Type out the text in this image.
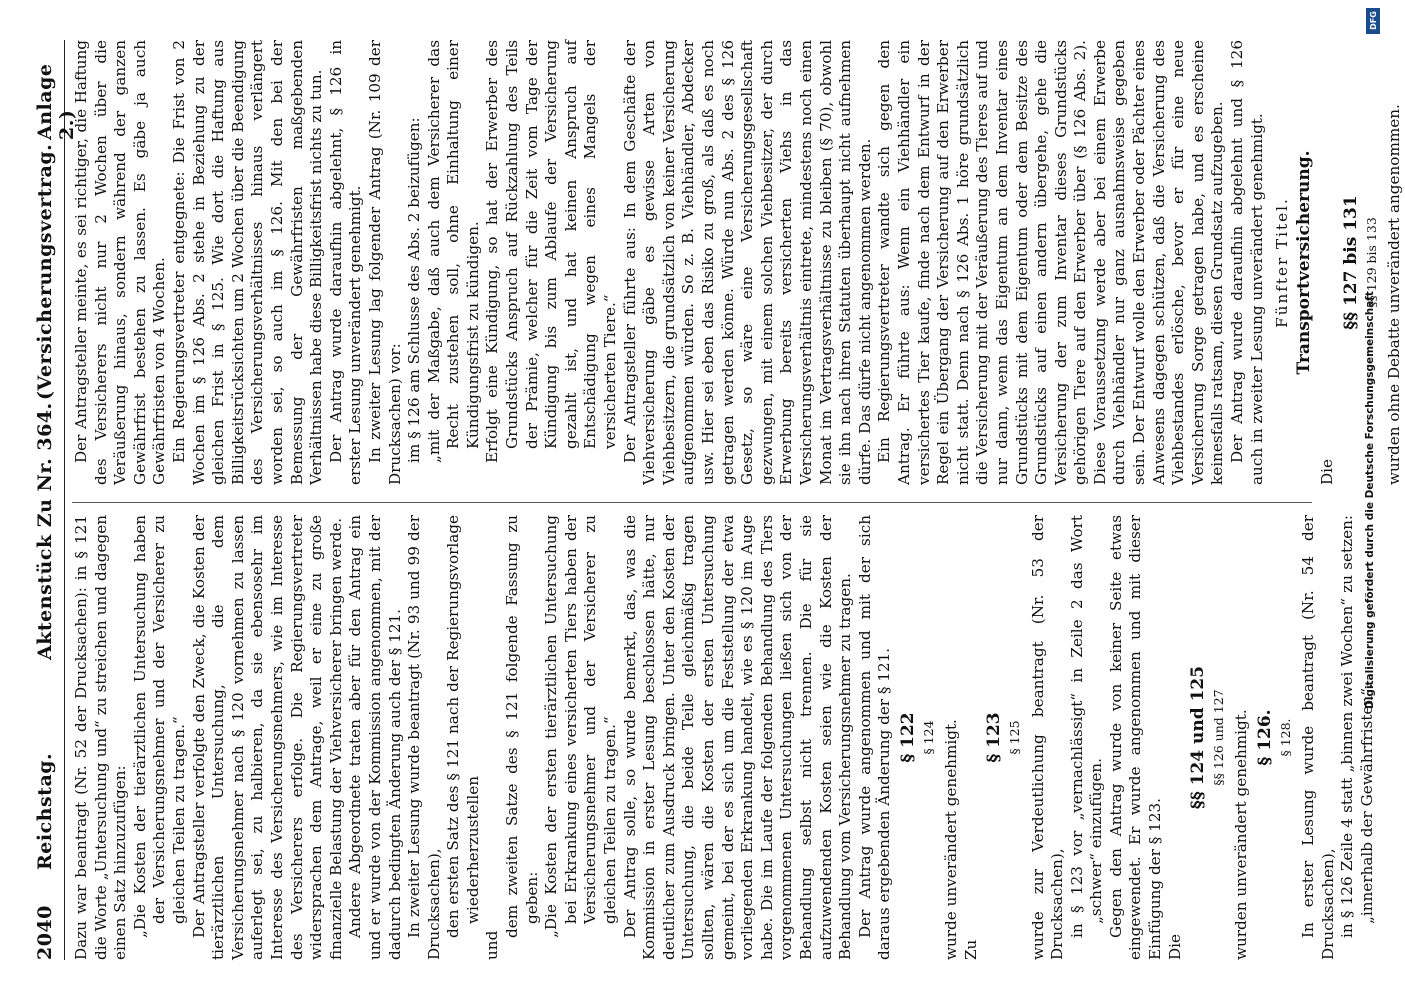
2040
Reichstag.
Aktenstück Zu Nr. 364.
(Versicherungsvertrag.
Anlage 2.)

Dazu war beantragt (Nr. 52 der Drucksachen): in § 121 die Worte „Untersuchung und“ zu streichen und dagegen einen Satz hinzuzufügen: „Die Kosten der tierärztlichen Untersuchung haben der Versicherungsnehmer und der Versicherer zu gleichen Teilen zu tragen.“ Der Antragsteller verfolgte den Zweck, die Kosten der tierärztlichen Untersuchung, die dem Versicherungsnehmer nach § 120 vornehmen zu lassen auferlegt sei, zu halbieren, da sie ebensosehr im Interesse des Versicherungsnehmers, wie im Interesse des Versicherers erfolge. Die Regierungsvertreter widersprachen dem Antrage, weil er eine zu große finanzielle Belastung der Viehversicherer bringen werde. Andere Abgeordnete traten aber für den Antrag ein und er wurde von der Kommission angenommen, mit der dadurch bedingten Änderung auch der § 121. In zweiter Lesung wurde beantragt (Nr. 93 und 99 der Drucksachen), den ersten Satz des § 121 nach der Regierungsvorlage wiederherzustellen

und

dem zweiten Satze des § 121 folgende Fassung zu geben: „Die Kosten der ersten tierärztlichen Untersuchung bei Erkrankung eines versicherten Tiers haben der Versicherungsnehmer und der Versicherer zu gleichen Teilen zu tragen.“ Der Antrag solle, so wurde bemerkt, das, was die Kommission in erster Lesung beschlossen hätte, nur deutlicher zum Ausdruck bringen. Unter den Kosten der Untersuchung, die beide Teile gleichmäßig tragen sollten, wären die Kosten der ersten Untersuchung gemeint, bei der es sich um die Feststellung der etwa vorliegenden Erkrankung handelt, wie es § 120 im Auge habe. Die im Laufe der folgenden Behandlung des Tiers vorgenommenen Untersuchungen ließen sich von der Behandlung selbst nicht trennen. Die für sie aufzuwendenden Kosten seien wie die Kosten der Behandlung vom Versicherungsnehmer zu tragen. Der Antrag wurde angenommen und mit der sich daraus ergebenden Änderung der § 121. § 122 § 124 wurde unverändert genehmigt. Zu

§ 123 § 125 wurde zur Verdeutlichung beantragt (Nr. 53 der Drucksachen), in § 123 vor „vernachlässigt“ in Zeile 2 das Wort „schwer“ einzufügen. Gegen den Antrag wurde von keiner Seite etwas eingewendet. Er wurde angenommen und mit dieser Einfügung der § 123. Die

§§ 124 und 125 §§ 126 und 127 wurden unverändert genehmigt. § 126. § 128. In erster Lesung wurde beantragt (Nr. 54 der Drucksachen), in § 126 Zeile 4 statt „binnen zwei Wochen“ zu setzen: „innerhalb der Gewährfristen“.

Der Antragsteller meinte, es sei richtiger, die Haftung des Versicherers nicht nur 2 Wochen über die Veräußerung hinaus, sondern während der ganzen Gewährfrist bestehen zu lassen. Es gäbe ja auch Gewährfristen von 4 Wochen. Ein Regierungsvertreter entgegnete: Die Frist von 2 Wochen im § 126 Abs. 2 stehe in Beziehung zu der gleichen Frist in § 125. Wie dort die Haftung aus Billigkeitsrücksichten um 2 Wochen über die Beendigung des Versicherungsverhältnisses hinaus verlängert worden sei, so auch im § 126. Mit den bei der Bemessung der Gewährfristen maßgebenden Verhältnissen habe diese Billigkeitsfrist nichts zu tun. Der Antrag wurde daraufhin abgelehnt, § 126 in erster Lesung unverändert genehmigt. In zweiter Lesung lag folgender Antrag (Nr. 109 der Drucksachen) vor: im § 126 am Schlusse des Abs. 2 beizufügen: „mit der Maßgabe, daß auch dem Versicherer das Recht zustehen soll, ohne Einhaltung einer Kündigungsfrist zu kündigen. Erfolgt eine Kündigung, so hat der Erwerber des Grundstücks Anspruch auf Rückzahlung des Teils der Prämie, welcher für die Zeit vom Tage der Kündigung bis zum Ablaufe der Versicherung gezahlt ist, und hat keinen Anspruch auf Entschädigung wegen eines Mangels der versicherten Tiere.“ Der Antragsteller führte aus: In dem Geschäfte der Viehversicherung gäbe es gewisse Arten von Viehbesitzern, die grundsätzlich von keiner Versicherung aufgenommen würden. So z. B. Viehhändler, Abdecker usw. Hier sei eben das Risiko zu groß, als daß es noch getragen werden könne. Würde nun Abs. 2 des § 126 Gesetz, so wäre eine Versicherungsgesellschaft gezwungen, mit einem solchen Viehbesitzer, der durch Erwerbung bereits versicherten Viehs in das Versicherungsverhältnis eintrete, mindestens noch einen Monat im Vertragsverhältnisse zu bleiben (§ 70), obwohl sie ihn nach ihren Statuten überhaupt nicht aufnehmen dürfe. Das dürfe nicht angenommen werden. Ein Regierungsvertreter wandte sich gegen den Antrag. Er führte aus: Wenn ein Viehhändler ein versichertes Tier kaufe, finde nach dem Entwurf in der Regel ein Übergang der Versicherung auf den Erwerber nicht statt. Denn nach § 126 Abs. 1 höre grundsätzlich die Versicherung mit der Veräußerung des Tieres auf und nur dann, wenn das Eigentum an dem Inventar eines Grundstücks mit dem Eigentum oder dem Besitze des Grundstücks auf einen andern übergehe, gehe die Versicherung der zum Inventar dieses Grundstücks gehörigen Tiere auf den Erwerber über (§ 126 Abs. 2). Diese Voraussetzung werde aber bei einem Erwerbe durch Viehhändler nur ganz ausnahmsweise gegeben sein. Der Entwurf wolle den Erwerber oder Pächter eines Anwesens dagegen schützen, daß die Versicherung des Viehbestandes erlösche, bevor er für eine neue Versicherung Sorge getragen habe, und es erscheine keinesfalls ratsam, diesen Grundsatz aufzugeben. Der Antrag wurde daraufhin abgelehnt und § 126 auch in zweiter Lesung unverändert genehmigt. Fünfter Titel. Transportversicherung.

Die

§§ 127 bis 131 §§ 129 bis 133 wurden ohne Debatte unverändert angenommen.

DFG
Digitalisierung gefördert durch die Deutsche Forschungsgemeinschaft
